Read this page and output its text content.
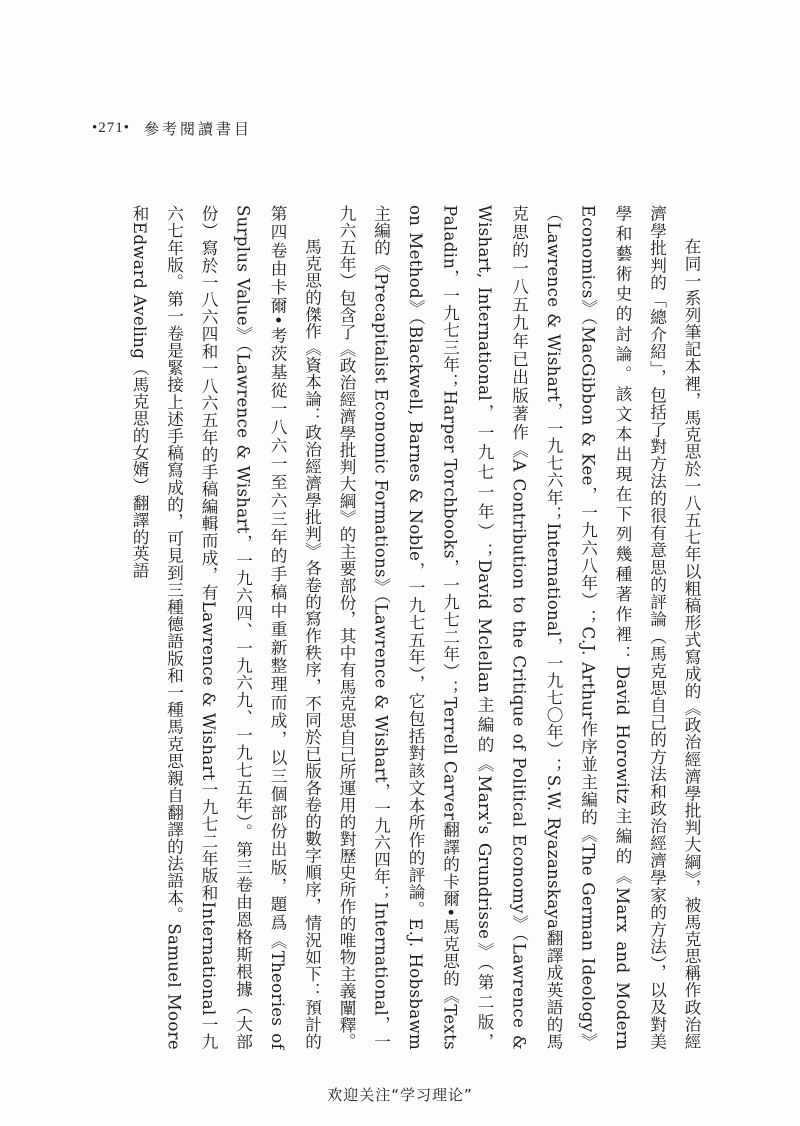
•271• 參考閱讀書目

在同一系列筆記本裡，馬克思於一八五七年以粗稿形式寫成的《政治經濟學批判大綱》，被馬克思稱作政治經濟學批判的「總介紹」，包括了對方法的很有意思的評論（馬克思自己的方法和政治經濟學家的方法），以及對美學和藝術史的討論。該文本出現在下列幾種著作裡：David Horowitz主編的《Marx and Modern Economics》（MacGibbon & Kee，一九六八年）；C.J. Arthur作序並主編的《The German Ideology》（Lawrence & Wishart，一九七六年；International，一九七〇年）；S.W. Ryazanskaya翻譯成英語的馬克思的一八五九年已出版著作《A Contribution to the Critique of Political Economy》（Lawrence & Wishart, International，一九七一年）；David Mclellan主編的《Marx's Grundrisse》（第二版，Paladin，一九七三年；Harper Torchbooks，一九七二年）；Terrell Carver翻譯的卡爾•馬克思的《Texts on Method》（Blackwell, Barnes & Noble，一九七五年），它包括對該文本所作的評論。E.J. Hobsbawm主編的《Precapitalist Economic Formations》（Lawrence & Wishart，一九六四年；International，一九六五年）包含了《政治經濟學批判大綱》的主要部份，其中有馬克思自己所運用的對歷史所作的唯物主義闡釋。

馬克思的傑作《資本論：政治經濟學批判》各卷的寫作秩序，不同於已版各卷的數字順序，情況如下：預計的第四卷由卡爾•考茨基從一八六一至六三年的手稿中重新整理而成，以三個部份出版，題爲《Theories of Surplus Value》（Lawrence & Wishart，一九六四、一九六九、一九七五年）。第三卷由恩格斯根據（大部份）寫於一八六四和一八六五年的手稿編輯而成，有Lawrence & Wishart一九七二年版和International一九六七年版。第一卷是緊接上述手稿寫成的，可見到三種德語版和一種馬克思親自翻譯的法語本。Samuel Moore和Edward Aveling（馬克思的女婿）翻譯的英語

欢迎关注“学习理论”
